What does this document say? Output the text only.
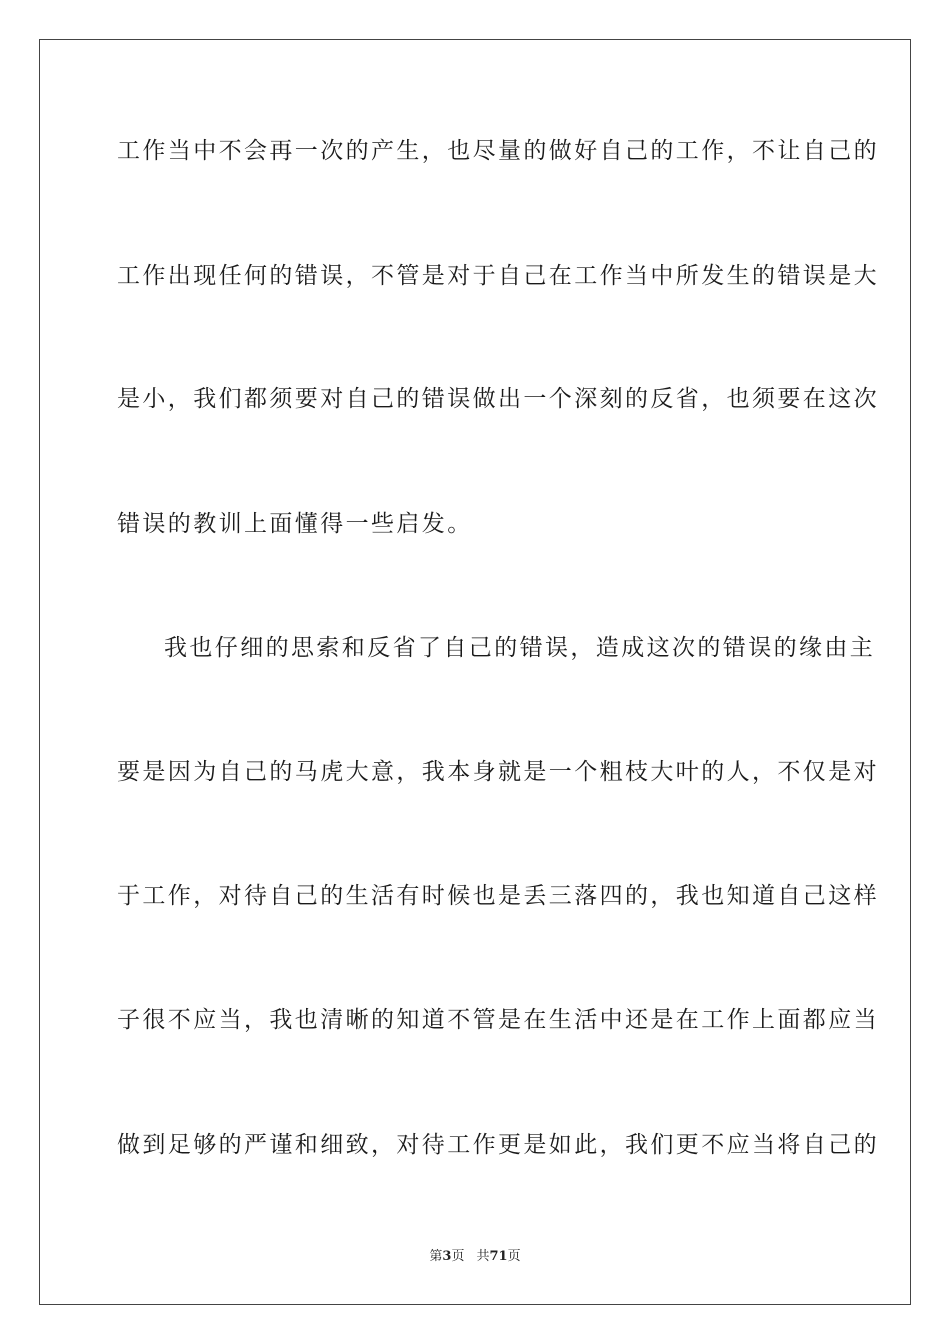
工作当中不会再一次的产生，也尽量的做好自己的工作，不让自己的
工作出现任何的错误，不管是对于自己在工作当中所发生的错误是大
是小，我们都须要对自己的错误做出一个深刻的反省，也须要在这次
错误的教训上面懂得一些启发。
我也仔细的思索和反省了自己的错误，造成这次的错误的缘由主
要是因为自己的马虎大意，我本身就是一个粗枝大叶的人，不仅是对
于工作，对待自己的生活有时候也是丢三落四的，我也知道自己这样
子很不应当，我也清晰的知道不管是在生活中还是在工作上面都应当
做到足够的严谨和细致，对待工作更是如此，我们更不应当将自己的
第3页 共71页
